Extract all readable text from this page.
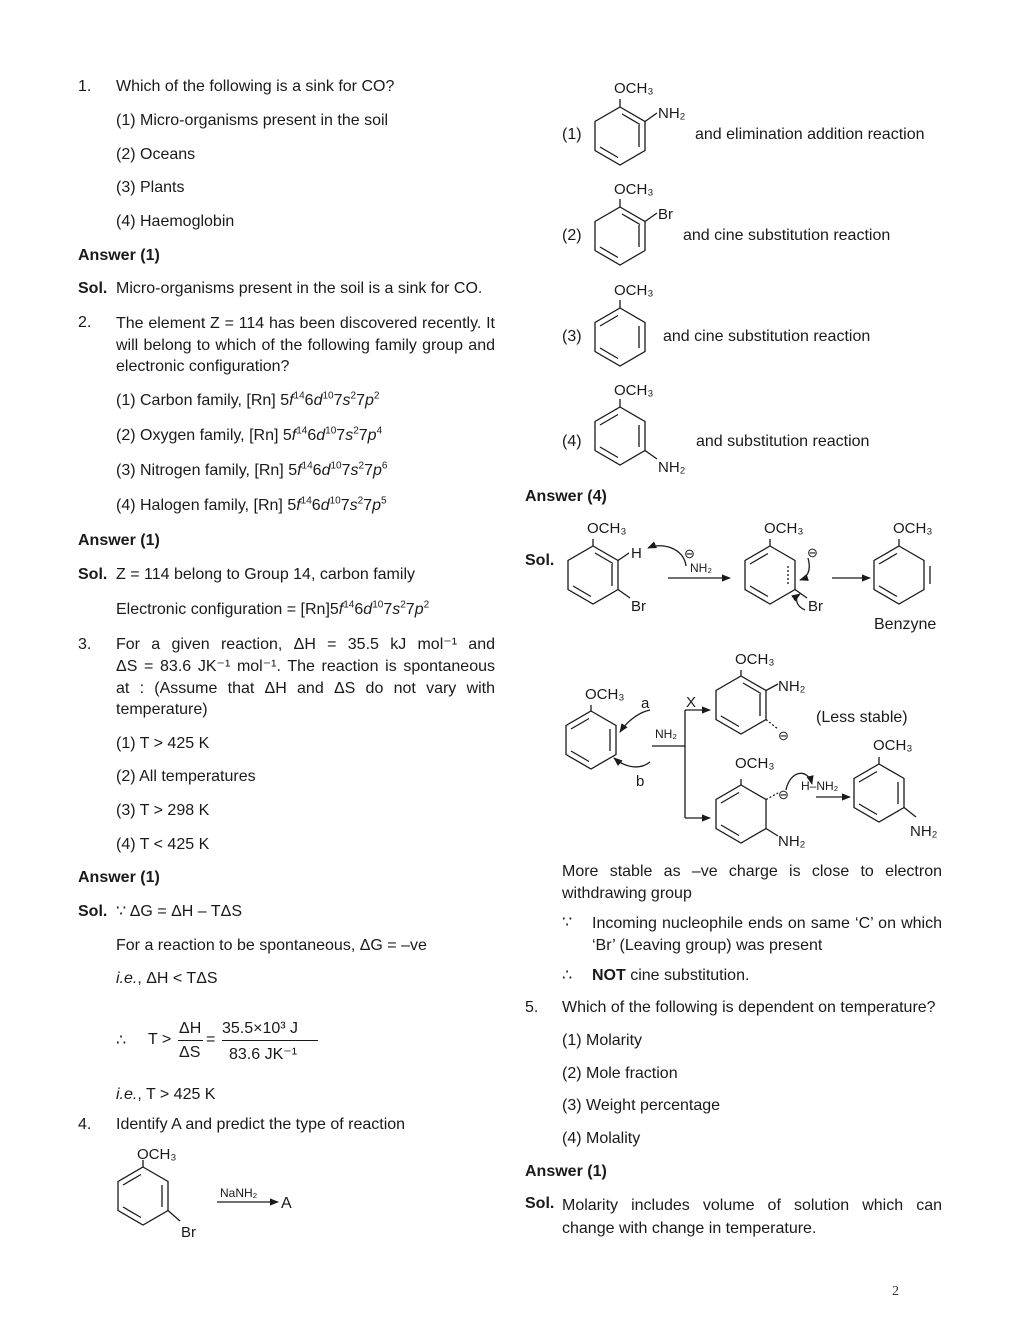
1. Which of the following is a sink for CO?
(1) Micro-organisms present in the soil
(2) Oceans
(3) Plants
(4) Haemoglobin
Answer (1)
Sol. Micro-organisms present in the soil is a sink for CO.
2. The element Z = 114 has been discovered recently. It will belong to which of the following family group and electronic configuration?
(1) Carbon family, [Rn] $5f^{14}6d^{10}7s^27p^2$
(2) Oxygen family, [Rn] $5f^{14}6d^{10}7s^27p^4$
(3) Nitrogen family, [Rn] $5f^{14}6d^{10}7s^27p^6$
(4) Halogen family, [Rn] $5f^{14}6d^{10}7s^27p^5$
Answer (1)
Sol. Z = 114 belong to Group 14, carbon family
Electronic configuration = $[Rn]5f^{14}6d^{10}7s^27p^2$
3. For a given reaction, ΔH = 35.5 kJ mol⁻¹ and
ΔS = 83.6 JK⁻¹ mol⁻¹. The reaction is spontaneous
at : (Assume that ΔH and ΔS do not vary with
temperature)
(1) T > 425 K
(2) All temperatures
(3) T > 298 K
(4) T < 425 K
Answer (1)
Sol. ∵ ΔG = ΔH – TΔS
For a reaction to be spontaneous, ΔG = –ve
i.e., ΔH < TΔS
∴ T >
ΔH
ΔS
=
35.5×10³ J
83.6 JK⁻¹
i.e., T > 425 K
4. Identify A and predict the type of reaction
OCH₃
Br
NaNH₂
A
OCH₃
NH₂
(1)	and elimination addition reaction
OCH₃
Br
(2)	and cine substitution reaction
OCH₃
(3)	and cine substitution reaction
OCH₃
NH₂
(4)	and substitution reaction
OCH₃
H
Br
⊖
NH₂
OCH₃
⊖
Br
OCH₃
Benzyne
OCH₃
a
NH₂
X
b
OCH₃
NH₂
⊖
(Less stable)
OCH₃
⊖
NH₂
H–NH₂
OCH₃
NH₂
Answer (4)
Sol.
More stable as –ve charge is close to electron withdrawing group
∵ Incoming nucleophile ends on same ‘C’ on which ‘Br’ (Leaving group) was present
∴ NOT cine substitution.
5. Which of the following is dependent on temperature?
(1) Molarity
(2) Mole fraction
(3) Weight percentage
(4) Molality
Answer (1)
Sol. Molarity includes volume of solution which can change with change in temperature.
2
